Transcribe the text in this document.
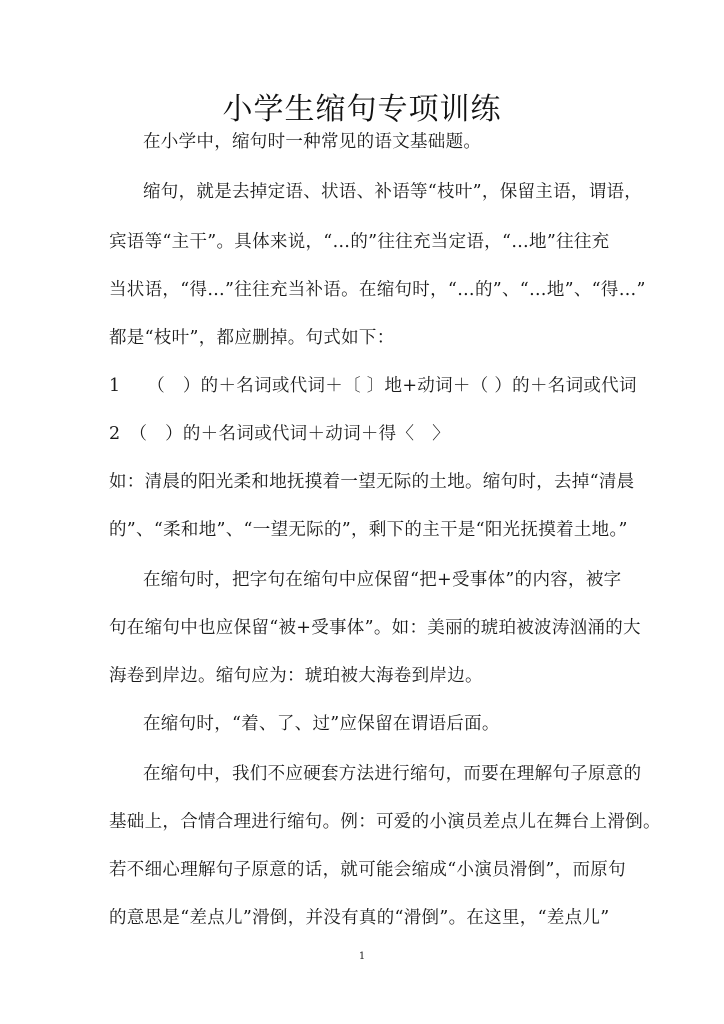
小学生缩句专项训练
在小学中，缩句时一种常见的语文基础题。
缩句，就是去掉定语、状语、补语等“枝叶”，保留主语，谓语，
宾语等“主干”。具体来说，“…的”往往充当定语，“…地”往往充
当状语，“得…”往往充当补语。在缩句时，“…的”、“…地”、“得…”
都是“枝叶”，都应删掉。句式如下：
1　　（　）的＋名词或代词＋〔 〕地+动词＋（ ）的＋名词或代词
2　（　）的＋名词或代词＋动词＋得〈　〉
如：清晨的阳光柔和地抚摸着一望无际的土地。缩句时，去掉“清晨
的”、“柔和地”、“一望无际的”，剩下的主干是“阳光抚摸着土地。”
在缩句时，把字句在缩句中应保留“把+受事体”的内容，被字
句在缩句中也应保留“被+受事体”。如：美丽的琥珀被波涛汹涌的大
海卷到岸边。缩句应为：琥珀被大海卷到岸边。
在缩句时，“着、了、过”应保留在谓语后面。
在缩句中，我们不应硬套方法进行缩句，而要在理解句子原意的
基础上，合情合理进行缩句。例：可爱的小演员差点儿在舞台上滑倒。
若不细心理解句子原意的话，就可能会缩成“小演员滑倒”，而原句
的意思是“差点儿”滑倒，并没有真的“滑倒”。在这里，“差点儿”
1
